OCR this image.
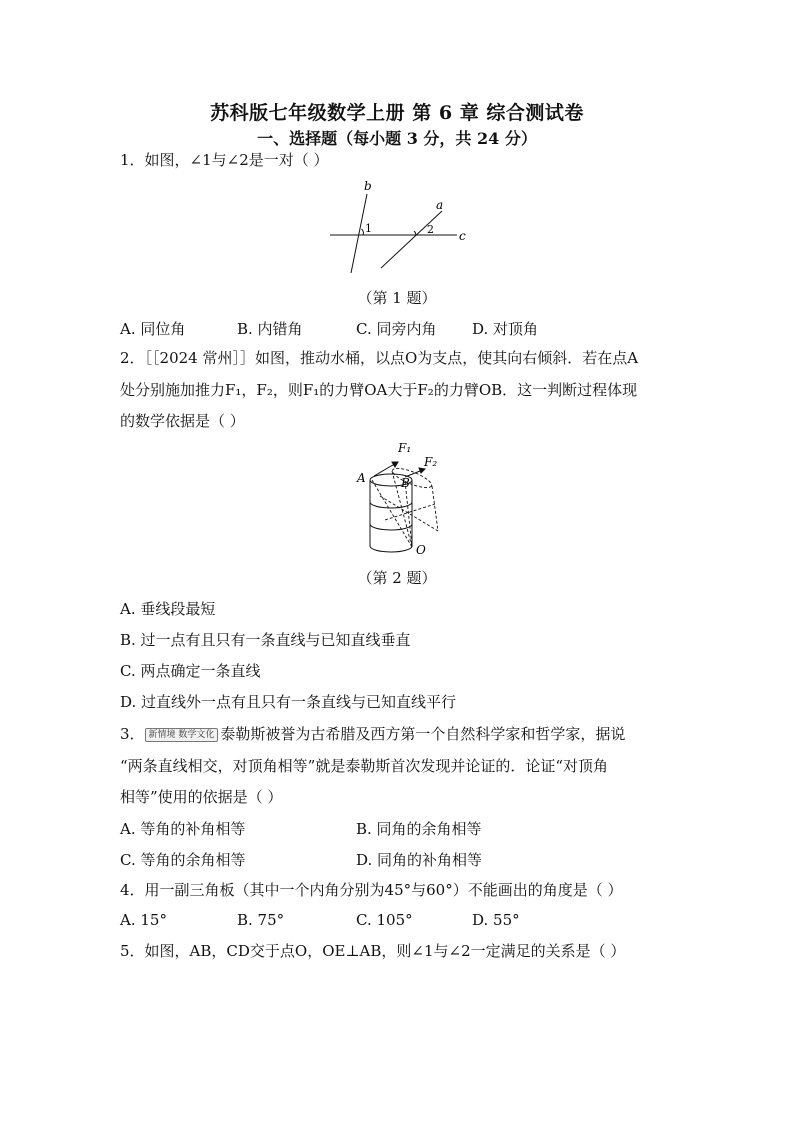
苏科版七年级数学上册 第 6 章 综合测试卷
一、选择题（每小题 3 分，共 24 分）
1．如图，∠1与∠2是一对（ ）
b
a
c
1	2
（第 1 题）
A. 同位角	B. 内错角	C. 同旁内角 D. 对顶角
2．［［2024 常州］］如图，推动水桶，以点O为支点，使其向右倾斜．若在点A
处分别施加推力F₁，F₂，则F₁的力臂OA大于F₂的力臂OB．这一判断过程体现
的数学依据是（ ）
F₁
F₂
A	B
O
（第 2 题）
A. 垂线段最短
B. 过一点有且只有一条直线与已知直线垂直
C. 两点确定一条直线
D. 过直线外一点有且只有一条直线与已知直线平行
3． 新情境 数学文化 泰勒斯被誉为古希腊及西方第一个自然科学家和哲学家，据说
“两条直线相交，对顶角相等”就是泰勒斯首次发现并论证的．论证“对顶角
相等”使用的依据是（ ）
A. 等角的补角相等	B. 同角的余角相等
C. 等角的余角相等	D. 同角的补角相等
4．用一副三角板（其中一个内角分别为45°与60°）不能画出的角度是（ ）
A. 15°	B. 75°	C. 105°	D. 55°
5．如图，AB，CD交于点O，OE⊥AB，则∠1与∠2一定满足的关系是（ ）
